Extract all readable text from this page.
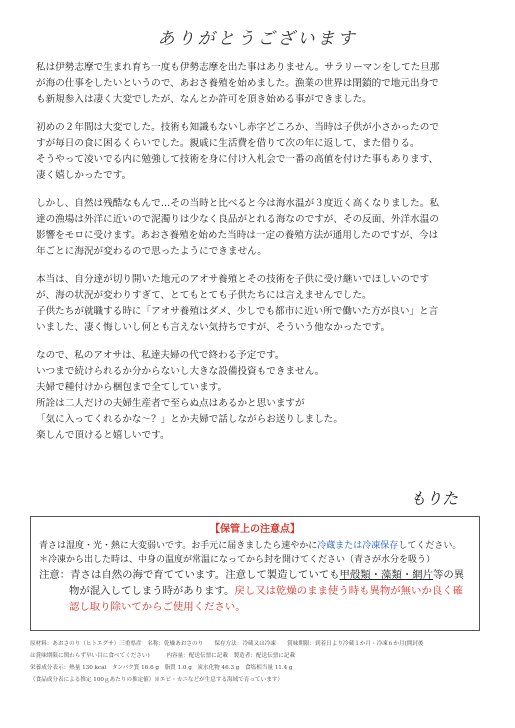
ありがとうございます

私は伊勢志摩で生まれ育ち一度も伊勢志摩を出た事はありません。サラリーマンをしてた旦那
が海の仕事をしたいというので、あおさ養殖を始めました。漁業の世界は閉鎖的で地元出身で
も新規参入は凄く大変でしたが、なんとか許可を頂き始める事ができました。

初めの２年間は大変でした。技術も知識もないし赤字どころか、当時は子供が小さかったので
すが毎日の食に困るくらいでした。親戚に生活費を借りて次の年に返して、また借りる。
そうやって凌いでる内に勉強して技術を身に付け入札会で一番の高値を付けた事もあります、
凄く嬉しかったです。

しかし、自然は残酷なもんで…その当時と比べると今は海水温が３度近く高くなりました。私
達の漁場は外洋に近いので泥濁りは少なく良品がとれる海なのですが、その反面、外洋水温の
影響をモロに受けます。あおさ養殖を始めた当時は一定の養殖方法が通用したのですが、今は
年ごとに海況が変わるので思ったようにできません。

本当は、自分達が切り開いた地元のアオサ養殖とその技術を子供に受け継いでほしいのです
が、海の状況が変わりすぎて、とてもとても子供たちには言えませんでした。
子供たちが就職する時に「アオサ養殖はダメ、少しでも都市に近い所で働いた方が良い」と言
いました、凄く悔しいし何とも言えない気持ちですが、そういう他なかったです。

なので、私のアオサは、私達夫婦の代で終わる予定です。
いつまで続けられるか分からないし大きな設備投資もできません。
夫婦で種付けから梱包まで全てしています。
所詮は二人だけの夫婦生産者で至らぬ点はあるかと思いますが
「気に入ってくれるかな～？」とか夫婦で話しながらお送りしました。
楽しんで頂けると嬉しいです。

もりた
【保管上の注意点】
青さは湿度・光・熱に大変弱いです。お手元に届きましたら速やかに冷蔵または冷凍保存してください。
＊冷凍から出した時は、中身の温度が常温になってから封を開けてください（青さが水分を吸う）
注意：青さは自然の海で育てています。注意して製造していても甲殻類・藻類・網片等の異
物が混入してしまう時があります。戻し又は乾燥のまま使う時も異物が無いか良く確
認し取り除いてからご使用ください。
原材料：あおさのり（ヒトエグサ）三重県産　名称：乾燥あおさのり　　保存方法：冷蔵又は冷凍　　賞味期限：到着日より冷蔵１か月・冷凍６か月(開封後
は賞味期限に関わらず早い目に食べてください)　　　内容量：配送伝票に記載　製造者：配送伝票に記載
栄養成分表示：熱量 130 kcal　タンパク質 16.6 g　脂質 1.0 g　炭水化物 46.3 g　食塩相当量 11.4 g
（食品成分表による推定 100ｇあたりの推定値）※エビ・カニなどが生息する海域で育っています）
